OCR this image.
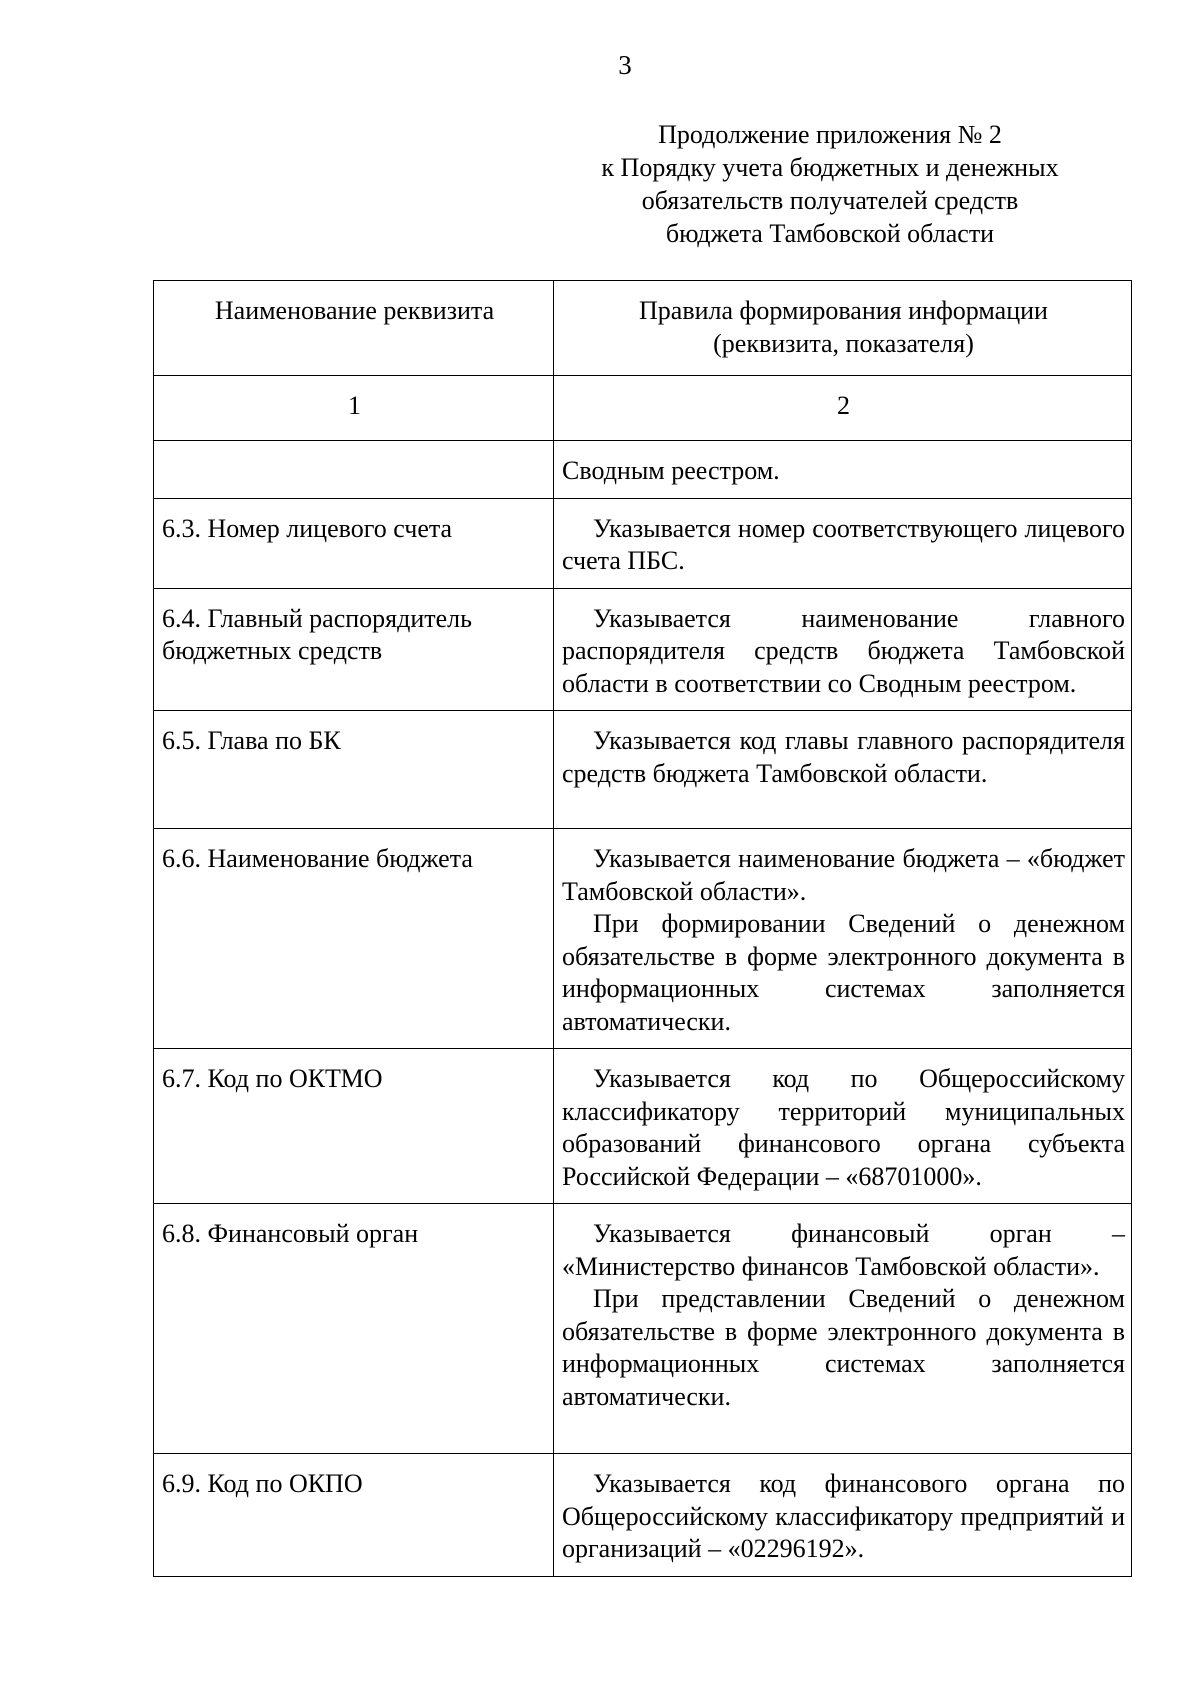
3
Продолжение приложения № 2
к Порядку учета бюджетных и денежных
обязательств получателей средств
бюджета Тамбовской области
Наименование реквизита	Правила формирования информации
(реквизита, показателя)

1	2
	Сводным реестром.
6.3. Номер лицевого счета	Указывается номер соответствующего лицевого счета ПБС.

6.4. Главный распорядитель бюджетных средств	Указывается наименование главного распорядителя средств бюджета Тамбовской области в соответствии со Сводным реестром.

6.5. Глава по БК	Указывается код главы главного распорядителя средств бюджета Тамбовской области.

6.6. Наименование бюджета	Указывается наименование бюджета – «бюджет Тамбовской области».

При формировании Сведений о денежном обязательстве в форме электронного документа в информационных системах заполняется автоматически.

6.7. Код по ОКТМО	Указывается код по Общероссийскому классификатору территорий муниципальных образований финансового органа субъекта Российской Федерации – «68701000».

6.8. Финансовый орган	Указывается финансовый орган – «Министерство финансов Тамбовской области».

При представлении Сведений о денежном обязательстве в форме электронного документа в информационных системах заполняется автоматически.

6.9. Код по ОКПО	Указывается код финансового органа по Общероссийскому классификатору предприятий и организаций – «02296192».
